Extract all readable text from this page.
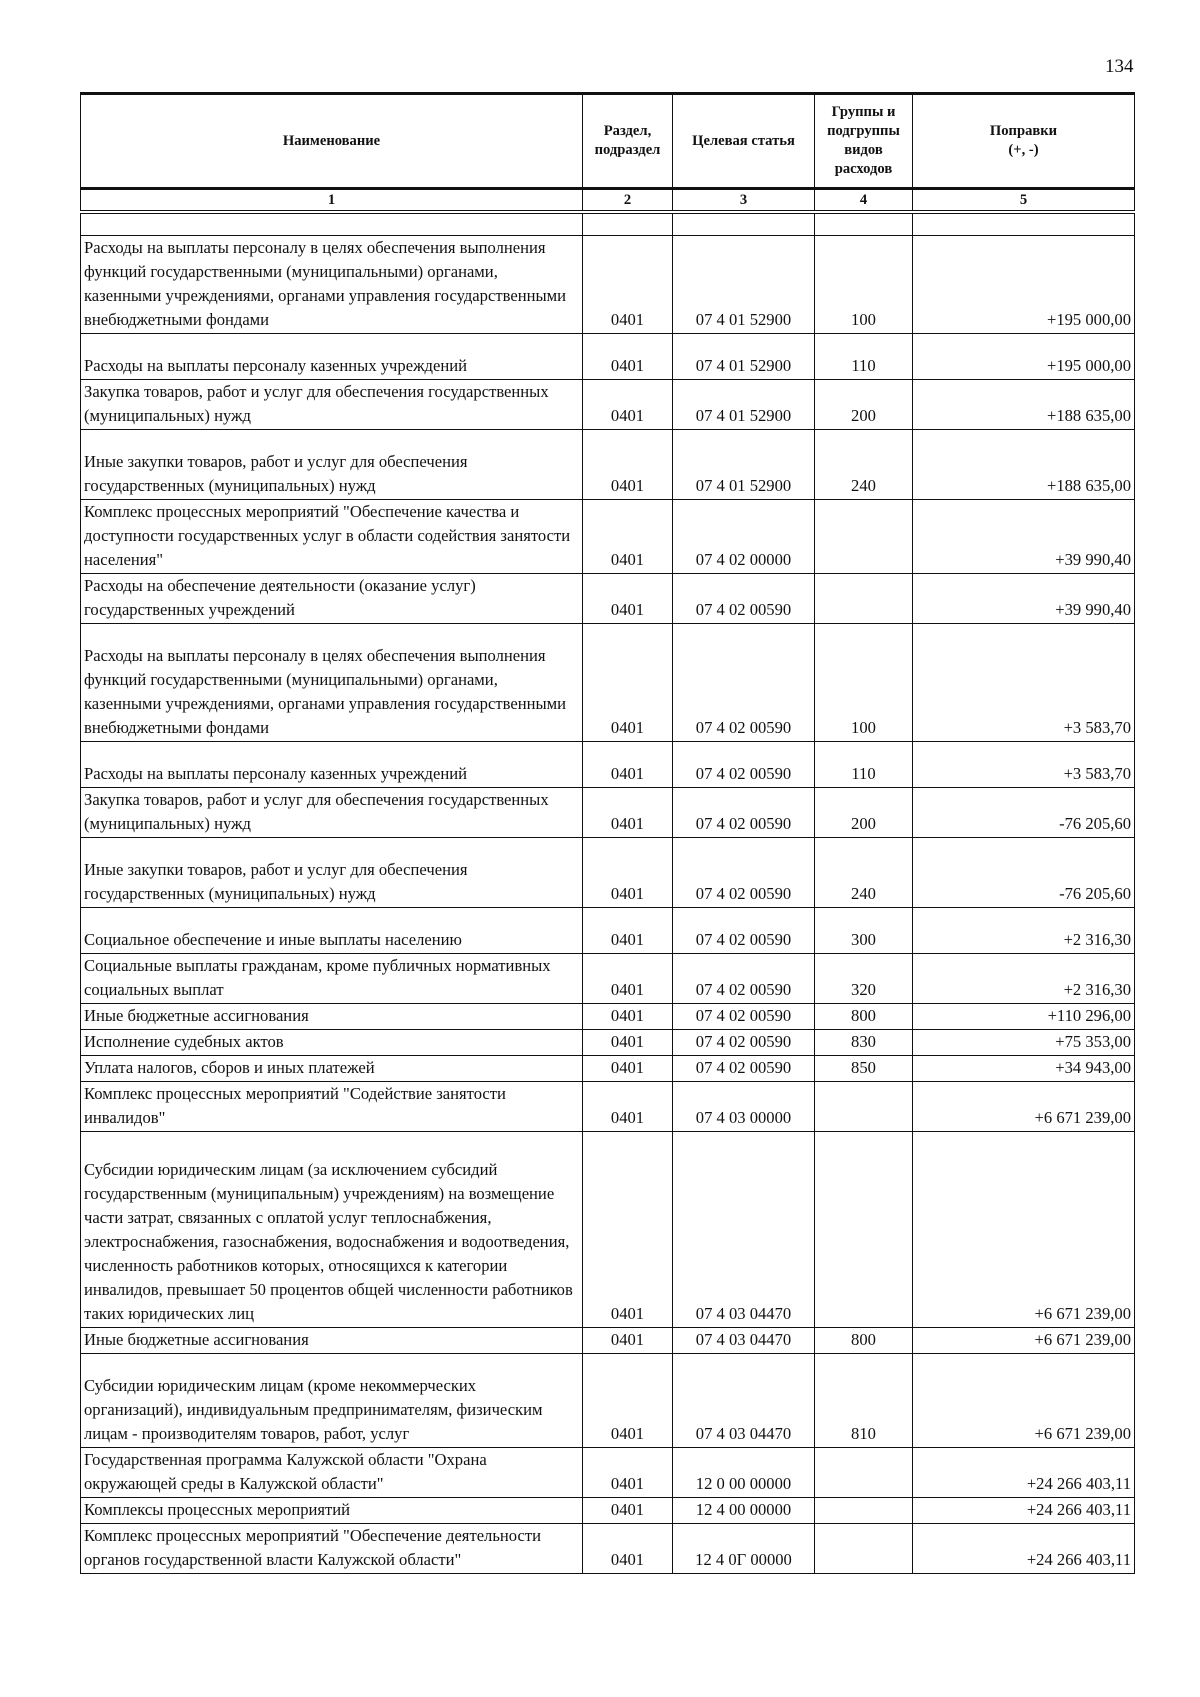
134
Наименование	Раздел, подраздел	Целевая статья	Группы и подгруппы видов расходов	Поправки
(+, -)

1	2	3	4	5

Расходы на выплаты персоналу в целях обеспечения выполнения функций государственными (муниципальными) органами, казенными учреждениями, органами управления государственными внебюджетными фондами	0401	07 4 01 52900	100	+195 000,00
Расходы на выплаты персоналу казенных учреждений	0401	07 4 01 52900	110	+195 000,00
Закупка товаров, работ и услуг для обеспечения государственных (муниципальных) нужд	0401	07 4 01 52900	200	+188 635,00
Иные закупки товаров, работ и услуг для обеспечения государственных (муниципальных) нужд	0401	07 4 01 52900	240	+188 635,00
Комплекс процессных мероприятий "Обеспечение качества и доступности государственных услуг в области содействия занятости населения"	0401	07 4 02 00000		+39 990,40
Расходы на обеспечение деятельности (оказание услуг) государственных учреждений	0401	07 4 02 00590		+39 990,40
Расходы на выплаты персоналу в целях обеспечения выполнения функций государственными (муниципальными) органами, казенными учреждениями, органами управления государственными внебюджетными фондами	0401	07 4 02 00590	100	+3 583,70
Расходы на выплаты персоналу казенных учреждений	0401	07 4 02 00590	110	+3 583,70
Закупка товаров, работ и услуг для обеспечения государственных (муниципальных) нужд	0401	07 4 02 00590	200	-76 205,60
Иные закупки товаров, работ и услуг для обеспечения государственных (муниципальных) нужд	0401	07 4 02 00590	240	-76 205,60
Социальное обеспечение и иные выплаты населению	0401	07 4 02 00590	300	+2 316,30
Социальные выплаты гражданам, кроме публичных нормативных социальных выплат	0401	07 4 02 00590	320	+2 316,30
Иные бюджетные ассигнования	0401	07 4 02 00590	800	+110 296,00
Исполнение судебных актов	0401	07 4 02 00590	830	+75 353,00
Уплата налогов, сборов и иных платежей	0401	07 4 02 00590	850	+34 943,00
Комплекс процессных мероприятий "Содействие занятости инвалидов"	0401	07 4 03 00000		+6 671 239,00
Субсидии юридическим лицам (за исключением субсидий государственным (муниципальным) учреждениям) на возмещение части затрат, связанных с оплатой услуг теплоснабжения, электроснабжения, газоснабжения, водоснабжения и водоотведения, численность работников которых, относящихся к категории инвалидов, превышает 50 процентов общей численности работников таких юридических лиц	0401	07 4 03 04470		+6 671 239,00
Иные бюджетные ассигнования	0401	07 4 03 04470	800	+6 671 239,00
Субсидии юридическим лицам (кроме некоммерческих организаций), индивидуальным предпринимателям, физическим лицам - производителям товаров, работ, услуг	0401	07 4 03 04470	810	+6 671 239,00
Государственная программа Калужской области "Охрана окружающей среды в Калужской области"	0401	12 0 00 00000		+24 266 403,11
Комплексы процессных мероприятий	0401	12 4 00 00000		+24 266 403,11
Комплекс процессных мероприятий "Обеспечение деятельности органов государственной власти Калужской области"	0401	12 4 0Г 00000		+24 266 403,11
